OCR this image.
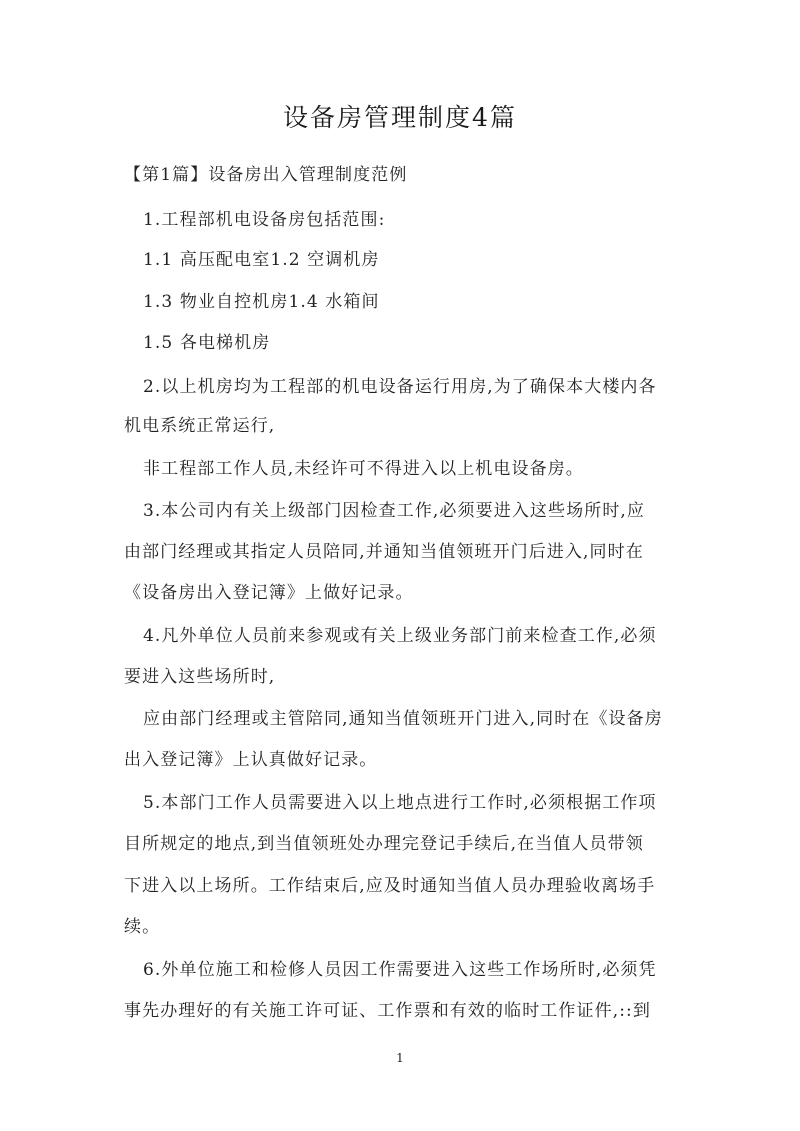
设备房管理制度4篇
【第1篇】设备房出入管理制度范例
1.工程部机电设备房包括范围:
1.1 高压配电室1.2 空调机房
1.3 物业自控机房1.4 水箱间
1.5 各电梯机房
2.以上机房均为工程部的机电设备运行用房,为了确保本大楼内各
机电系统正常运行,
非工程部工作人员,未经许可不得进入以上机电设备房。
3.本公司内有关上级部门因检查工作,必须要进入这些场所时,应
由部门经理或其指定人员陪同,并通知当值领班开门后进入,同时在
《设备房出入登记簿》上做好记录。
4.凡外单位人员前来参观或有关上级业务部门前来检查工作,必须
要进入这些场所时,
应由部门经理或主管陪同,通知当值领班开门进入,同时在《设备房
出入登记簿》上认真做好记录。
5.本部门工作人员需要进入以上地点进行工作时,必须根据工作项
目所规定的地点,到当值领班处办理完登记手续后,在当值人员带领
下进入以上场所。工作结束后,应及时通知当值人员办理验收离场手
续。
6.外单位施工和检修人员因工作需要进入这些工作场所时,必须凭
事先办理好的有关施工许可证、工作票和有效的临时工作证件,::到
1
